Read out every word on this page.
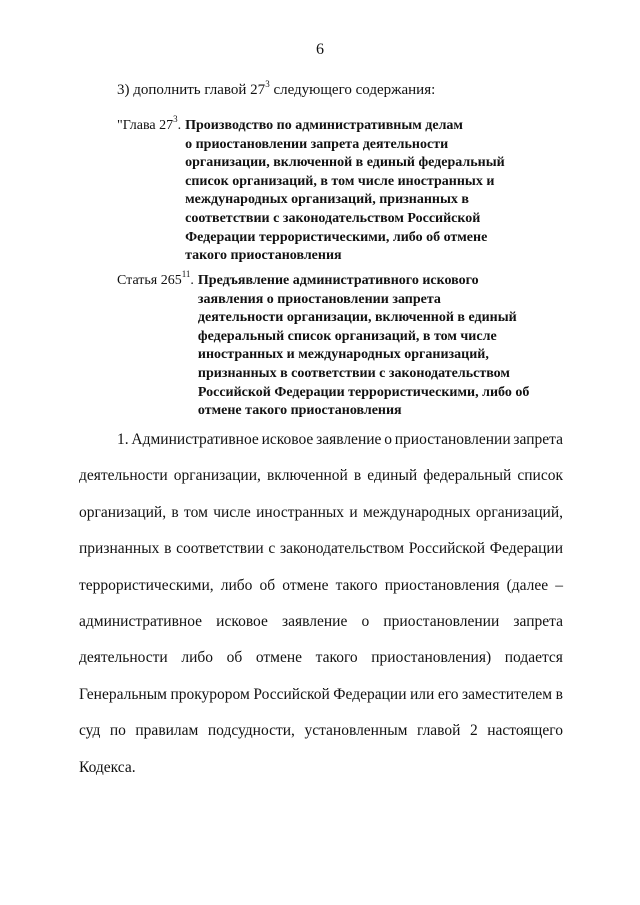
6
3) дополнить главой $27^3$ следующего содержания:
"Глава $27^3$. Производство по административным делам
о приостановлении запрета деятельности
организации, включенной в единый федеральный
список организаций, в том числе иностранных и
международных организаций, признанных в
соответствии с законодательством Российской
Федерации террористическими, либо об отмене
такого приостановления
Статья $265^{11}$. Предъявление административного искового
заявления о приостановлении запрета
деятельности организации, включенной в единый
федеральный список организаций, в том числе
иностранных и международных организаций,
признанных в соответствии с законодательством
Российской Федерации террористическими, либо об
отмене такого приостановления
1. Административное исковое заявление о приостановлении запрета
деятельности организации, включенной в единый федеральный список
организаций, в том числе иностранных и международных организаций,
признанных в соответствии с законодательством Российской Федерации
террористическими, либо об отмене такого приостановления (далее –
административное исковое заявление о приостановлении запрета
деятельности либо об отмене такого приостановления) подается
Генеральным прокурором Российской Федерации или его заместителем в
суд по правилам подсудности, установленным главой 2 настоящего
Кодекса.
